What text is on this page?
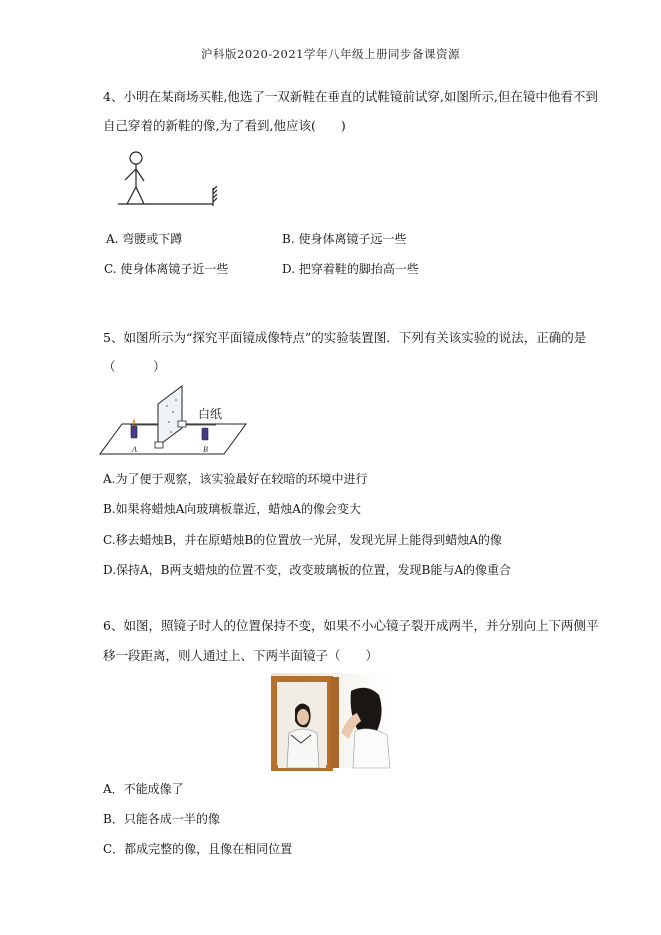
沪科版2020-2021学年八年级上册同步备课资源
4、小明在某商场买鞋,他选了一双新鞋在垂直的试鞋镜前试穿,如图所示,但在镜中他看不到
自己穿着的新鞋的像,为了看到,他应该(　　)
A. 弯腰或下蹲	B. 使身体离镜子远一些
C. 使身体离镜子近一些	D. 把穿着鞋的脚抬高一些
5、如图所示为“探究平面镜成像特点”的实验装置图．下列有关该实验的说法，正确的是
（　　　）
A	B
白纸
A.为了便于观察，该实验最好在较暗的环境中进行
B.如果将蜡烛A向玻璃板靠近，蜡烛A的像会变大
C.移去蜡烛B，并在原蜡烛B的位置放一光屏，发现光屏上能得到蜡烛A的像
D.保持A，B两支蜡烛的位置不变，改变玻璃板的位置，发现B能与A的像重合
6、如图，照镜子时人的位置保持不变，如果不小心镜子裂开成两半，并分别向上下两侧平
移一段距离，则人通过上、下两半面镜子（　　）
A．不能成像了
B．只能各成一半的像
C．都成完整的像，且像在相同位置
